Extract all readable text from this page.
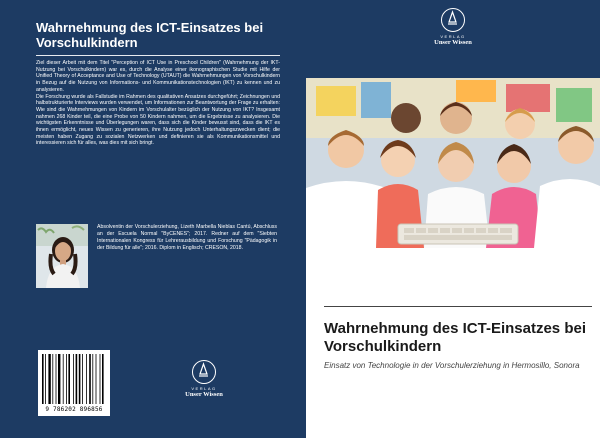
Wahrnehmung des ICT-Einsatzes bei Vorschulkindern
Ziel dieser Arbeit mit dem Titel "Perception of ICT Use in Preschool Children" (Wahrnehmung der IKT-Nutzung bei Vorschulkindern) war es, durch die Analyse einer ikonographischen Studie mit Hilfe der Unified Theory of Acceptance and Use of Technology (UTAUT) die Wahrnehmungen von Vorschulkindern in Bezug auf die Nutzung von Informations- und Kommunikationstechnologien (IKT) zu kennen und zu analysieren.
Die Forschung wurde als Fallstudie im Rahmen des qualitativen Ansatzes durchgeführt; Zeichnungen und halbstrukturierte Interviews wurden verwendet, um Informationen zur Beantwortung der Frage zu erhalten: Wie sind die Wahrnehmungen von Kindern im Vorschulalter bezüglich der Nutzung von IKT? Insgesamt nahmen 268 Kinder teil, die eine Probe von 50 Kindern nahmen, um die Ergebnisse zu analysieren. Die wichtigsten Erkenntnisse und Überlegungen waren, dass sich die Kinder bewusst sind, dass die IKT es ihnen ermöglicht, neues Wissen zu generieren, ihre Nutzung jedoch Unterhaltungszwecken dient; die meisten haben Zugang zu sozialen Netzwerken und definieren sie als Kommunikationsmittel und interessieren sich für alles, was dies mit sich bringt.
Absolventin der Vorschulerziehung, Lizeth Marbella Nieblas Cantú, Abschluss an der Escuela Normal "ByCENES"; 2017. Redner auf dem "Siebten Internationalen Kongress für Lehrerausbildung und Forschung "Pädagogik in der Bildung für alle"; 2016. Diplom in Englisch; CRESON, 2018.
9 786202 896856
VERLAG
Unser Wissen
VERLAG
Unser Wissen
Lizeth Marbella Nieblas Cantú
Yazmin Guadalupe Soto Medina
Martha Lizeth Tequida López
Wahrnehmung des ICT-Einsatzes bei Vorschulkindern
Einsatz von Technologie in der Vorschulerziehung in Hermosillo, Sonora
